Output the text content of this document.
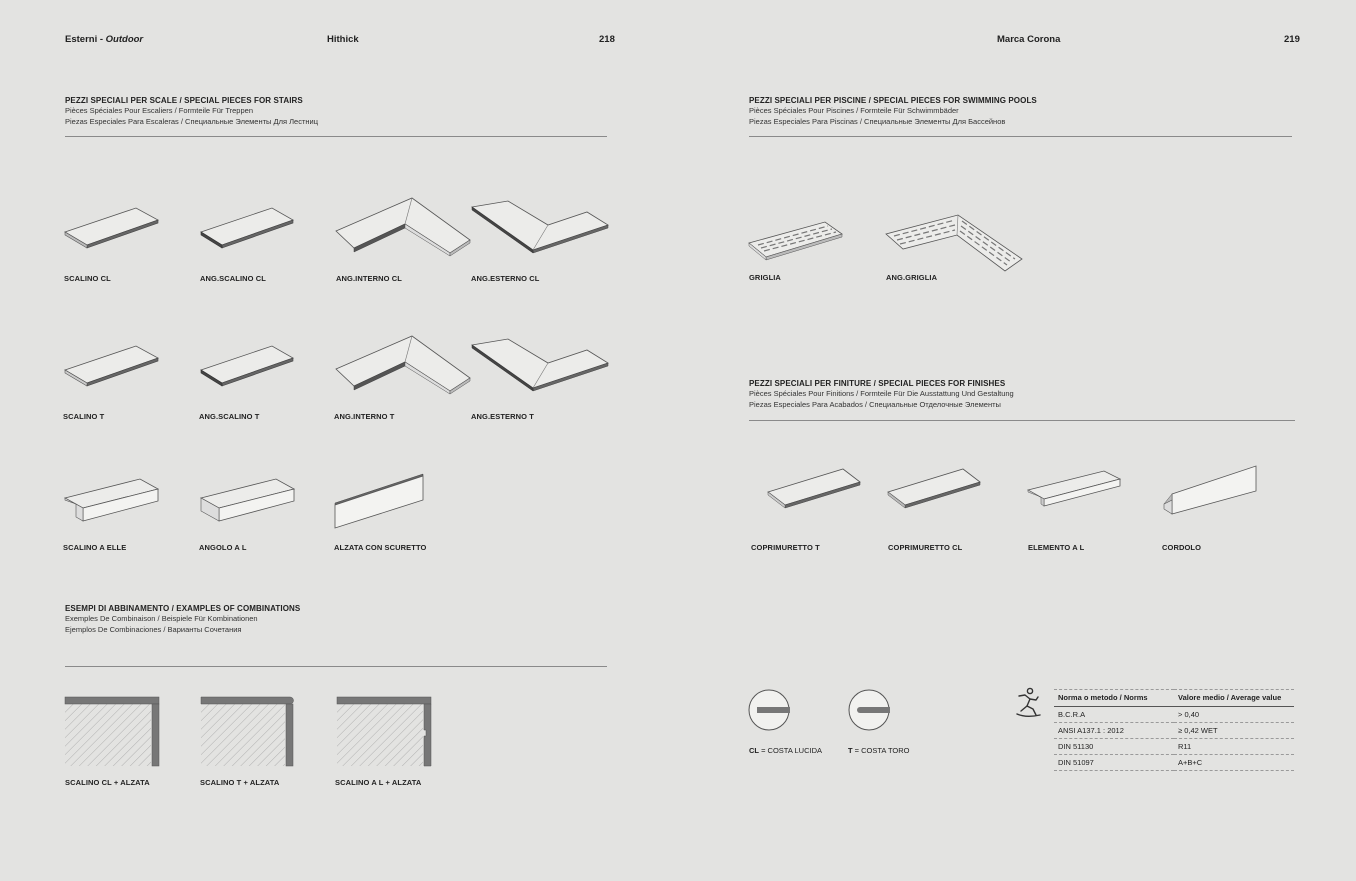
Esterni - Outdoor	Hithick	218
PEZZI SPECIALI PER SCALE / SPECIAL PIECES FOR STAIRS
Pièces Spéciales Pour Escaliers / Formteile Für Treppen
Piezas Especiales Para Escaleras / Специальные Элементы Для Лестниц
SCALINO CL	ANG.SCALINO CL	ANG.INTERNO CL	ANG.ESTERNO CL
SCALINO T	ANG.SCALINO T	ANG.INTERNO T	ANG.ESTERNO T
SCALINO A ELLE	ANGOLO A L	ALZATA CON SCURETTO
ESEMPI DI ABBINAMENTO / EXAMPLES OF COMBINATIONS
Exemples De Combinaison / Beispiele Für Kombinationen
Ejemplos De Combinaciones / Варианты Сочетания
SCALINO CL + ALZATA	SCALINO T + ALZATA	SCALINO A L + ALZATA
Marca Corona	219
PEZZI SPECIALI PER PISCINE / SPECIAL PIECES FOR SWIMMING POOLS
Pièces Spéciales Pour Piscines / Formteile Für Schwimmbäder
Piezas Especiales Para Piscinas / Специальные Элементы Для Бассейнов
GRIGLIA	ANG.GRIGLIA
PEZZI SPECIALI PER FINITURE / SPECIAL PIECES FOR FINISHES
Pièces Spéciales Pour Finitions / Formteile Für Die Ausstattung Und Gestaltung
Piezas Especiales Para Acabados / Специальные Отделочные Элементы
COPRIMURETTO T	COPRIMURETTO CL	ELEMENTO A L	CORDOLO
CL = COSTA LUCIDA	T = COSTA TORO
Norma o metodo / Norms	Valore medio / Average value
B.C.R.A	> 0,40
ANSI A137.1 : 2012	≥ 0,42 WET
DIN 51130	R11
DIN 51097	A+B+C
